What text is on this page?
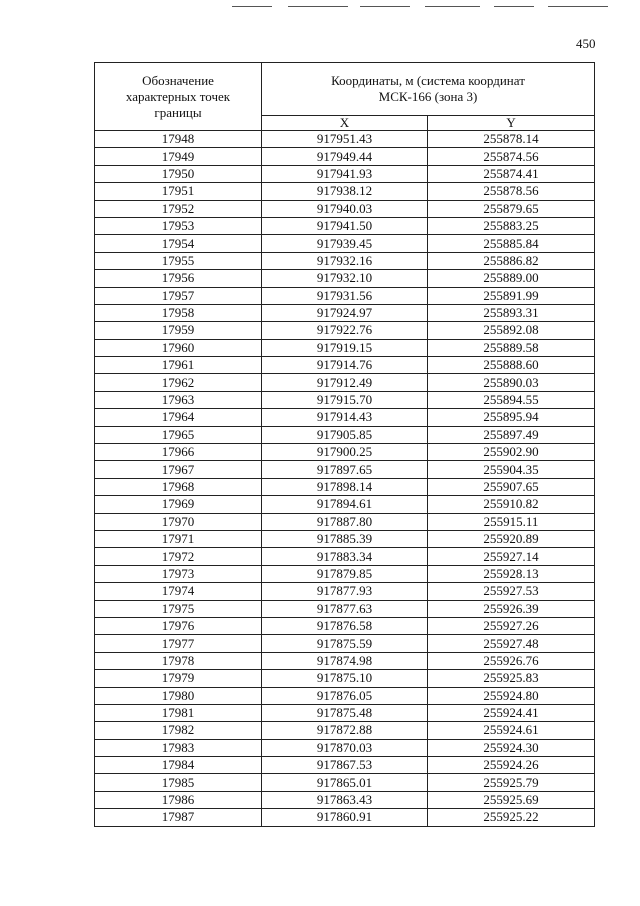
450
Обозначение характерных точек границы	Координаты, м (система координат МСК-166 (зона 3)	
	X	Y
17948	917951.43	255878.14
17949	917949.44	255874.56
17950	917941.93	255874.41
17951	917938.12	255878.56
17952	917940.03	255879.65
17953	917941.50	255883.25
17954	917939.45	255885.84
17955	917932.16	255886.82
17956	917932.10	255889.00
17957	917931.56	255891.99
17958	917924.97	255893.31
17959	917922.76	255892.08
17960	917919.15	255889.58
17961	917914.76	255888.60
17962	917912.49	255890.03
17963	917915.70	255894.55
17964	917914.43	255895.94
17965	917905.85	255897.49
17966	917900.25	255902.90
17967	917897.65	255904.35
17968	917898.14	255907.65
17969	917894.61	255910.82
17970	917887.80	255915.11
17971	917885.39	255920.89
17972	917883.34	255927.14
17973	917879.85	255928.13
17974	917877.93	255927.53
17975	917877.63	255926.39
17976	917876.58	255927.26
17977	917875.59	255927.48
17978	917874.98	255926.76
17979	917875.10	255925.83
17980	917876.05	255924.80
17981	917875.48	255924.41
17982	917872.88	255924.61
17983	917870.03	255924.30
17984	917867.53	255924.26
17985	917865.01	255925.79
17986	917863.43	255925.69
17987	917860.91	255925.22
